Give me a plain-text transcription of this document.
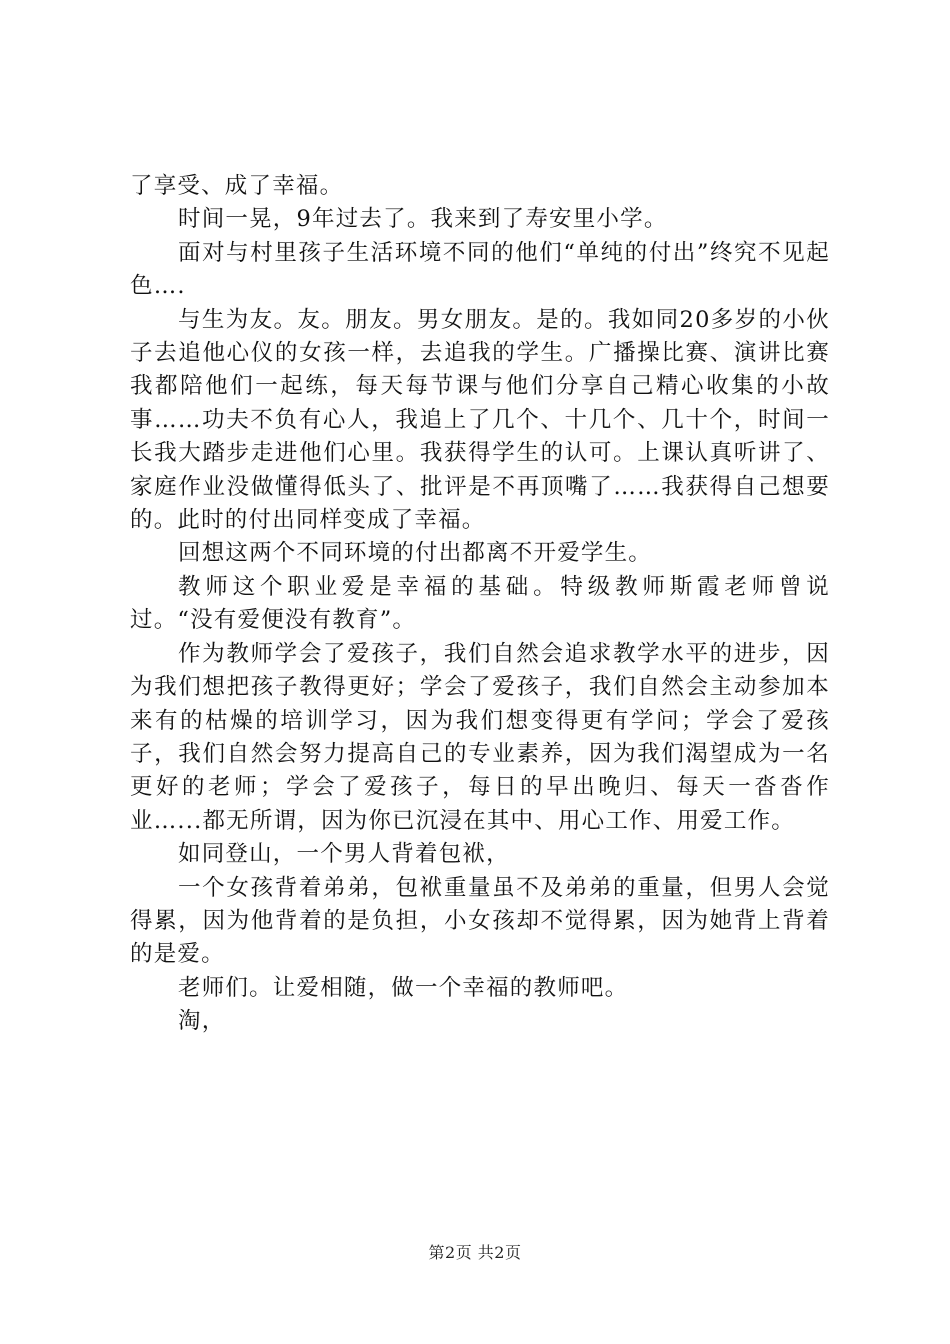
了享受、成了幸福。

时间一晃，9年过去了。我来到了寿安里小学。

面对与村里孩子生活环境不同的他们“单纯的付出”终究不见起色….

与生为友。友。朋友。男女朋友。是的。我如同20多岁的小伙子去追他心仪的女孩一样，去追我的学生。广播操比赛、演讲比赛我都陪他们一起练，每天每节课与他们分享自己精心收集的小故事……功夫不负有心人，我追上了几个、十几个、几十个，时间一长我大踏步走进他们心里。我获得学生的认可。上课认真听讲了、家庭作业没做懂得低头了、批评是不再顶嘴了……我获得自己想要的。此时的付出同样变成了幸福。

回想这两个不同环境的付出都离不开爱学生。

教师这个职业爱是幸福的基础。特级教师斯霞老师曾说过。“没有爱便没有教育”。

作为教师学会了爱孩子，我们自然会追求教学水平的进步，因为我们想把孩子教得更好；学会了爱孩子，我们自然会主动参加本来有的枯燥的培训学习，因为我们想变得更有学问；学会了爱孩子，我们自然会努力提高自己的专业素养，因为我们渴望成为一名更好的老师；学会了爱孩子，每日的早出晚归、每天一沓沓作业…...都无所谓，因为你已沉浸在其中、用心工作、用爱工作。

如同登山，一个男人背着包袱，

一个女孩背着弟弟，包袱重量虽不及弟弟的重量，但男人会觉得累，因为他背着的是负担，小女孩却不觉得累，因为她背上背着的是爱。

老师们。让爱相随，做一个幸福的教师吧。

淘，

第2页 共2页
